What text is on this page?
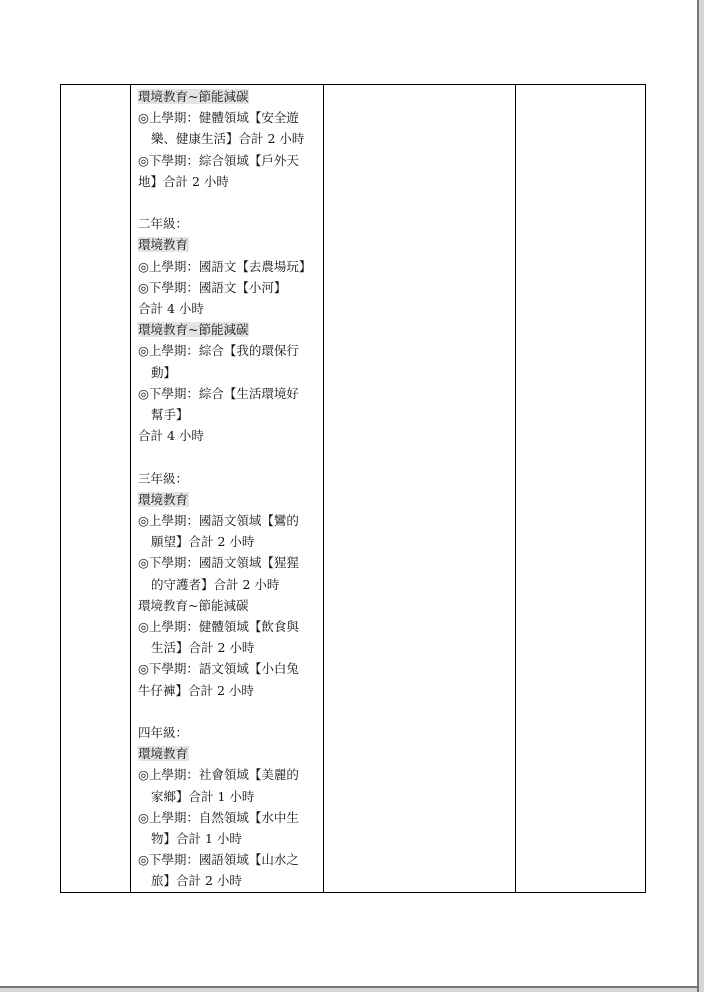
環境教育~節能減碳
◎上學期：健體領域【安全遊
樂、健康生活】合計 2 小時
◎下學期：綜合領域【戶外天
地】合計 2 小時
二年級：
環境教育
◎上學期：國語文【去農場玩】
◎下學期：國語文【小河】
合計 4 小時
環境教育~節能減碳
◎上學期：綜合【我的環保行
動】
◎下學期：綜合【生活環境好
幫手】
合計 4 小時
三年級：
環境教育
◎上學期：國語文領域【鸞的
願望】合計 2 小時
◎下學期：國語文領域【猩猩
的守護者】合計 2 小時
環境教育~節能減碳
◎上學期：健體領域【飲食與
生活】合計 2 小時
◎下學期：語文領域【小白兔
牛仔褲】合計 2 小時
四年級：
環境教育
◎上學期：社會領域【美麗的
家鄉】合計 1 小時
◎上學期：自然領域【水中生
物】合計 1 小時
◎下學期：國語領域【山水之
旅】合計 2 小時
